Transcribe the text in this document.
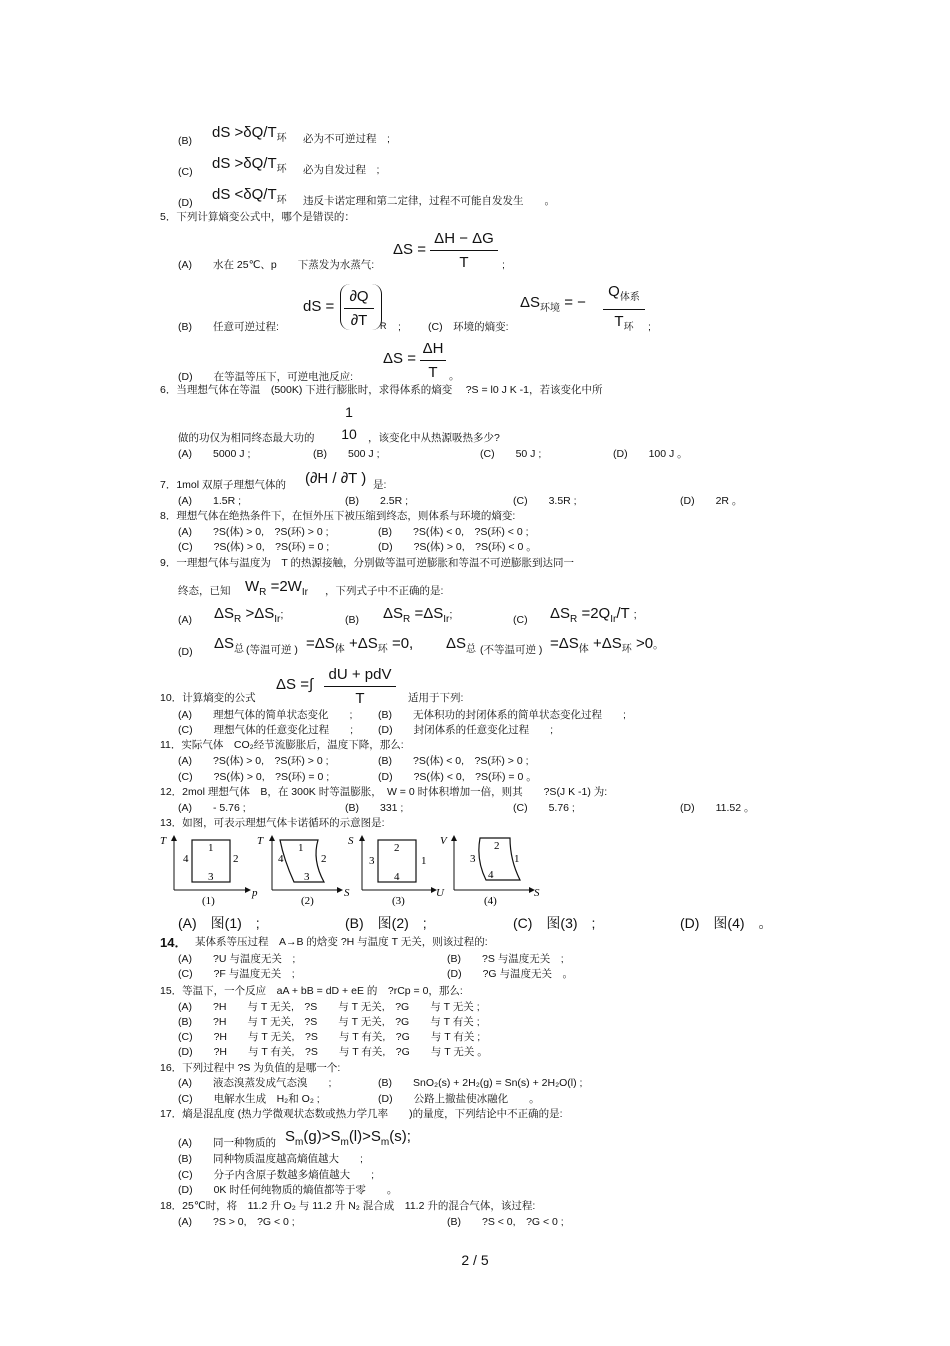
(B) dS $>\delta Q/T_环$ 必为不可逆过程　;
(C) dS $>\delta Q/T_环$ 必为自发过程　;
(D) dS $<\delta Q/T_环$ 违反卡诺定理和第二定律，过程不可能自发发生　　。
5．下列计算熵变公式中，哪个是错误的：
(A)　　水在 25℃、p　　下蒸发为水蒸气:
ΔS =
ΔH − ΔG
T	;
(B)　　任意可逆过程:
dS =
∂Q
∂T	R ;	(C)　环境的熵变:
$\Delta S_{环境}$ = −
$Q_{体系}$
$T_环$	;
(D)　　在等温等压下，可逆电池反应:
ΔS =
ΔH
T	。
6．当理想气体在等温　(500K) 下进行膨胀时，求得体系的熵变　 ?S = l0 J K -1，若该变化中所
1
10
做的功仅为相同终态最大功的	，该变化中从热源吸热多少?
(A)　　5000 J ;	(B)　　500 J ;	(C)　　50 J ;	(D)　　100 J 。
7．1mol 双原子理想气体的 (∂H / ∂T ) 是:
(A)　　1.5R ;	(B)　　2.5R ;	(C)　　3.5R ;	(D)　　2R 。
8．理想气体在绝热条件下，在恒外压下被压缩到终态，则体系与环境的熵变:
(A)　　?S(体) > 0,　?S(环) > 0 ;	(B)　　?S(体) < 0,　?S(环) < 0 ;
(C)　　?S(体) > 0,　?S(环) = 0 ;	(D)　　?S(体) > 0,　?S(环) < 0 。
9．一理想气体与温度为　T 的热源接触，分别做等温可逆膨胀和等温不可逆膨胀到达同一
终态，已知 $W_R =2W_{Ir}$ ，下列式子中不正确的是:
(A) $\Delta S_R >\Delta S_{Ir}$;	(B) $\Delta S_R =\Delta S_{Ir}$;	(C) $\Delta S_R =2Q_{Ir}/T$ ;
(D) $\Delta S_总$ (等温可逆 ) $=\Delta S_体 +\Delta S_环 =0$, $\Delta S_总$ (不等温可逆 ) $=\Delta S_体 +\Delta S_环 >0$。
10．计算熵变的公式
ΔS =∫
dU + pdV
T	适用于下列:
(A)　　理想气体的简单状态变化　　; (B)　　无体积功的封闭体系的简单状态变化过程　　;
(C)　　理想气体的任意变化过程　　; (D)　　封闭体系的任意变化过程　　;
11．实际气体　CO₂经节流膨胀后，温度下降，那么:
(A)　　?S(体) > 0,　?S(环) > 0 ;	(B)　　?S(体) < 0,　?S(环) > 0 ;
(C)　　?S(体) > 0,　?S(环) = 0 ;	(D)　　?S(体) < 0,　?S(环) = 0 。
12．2mol 理想气体　B，在 300K 时等温膨胀，　W = 0 时体积增加一倍，则其　　?S(J K -1) 为:
(A)　　- 5.76 ;	(B)　　331 ;	(C)　　5.76 ;	(D)　　11.52 。
13．如图，可表示理想气体卡诺循环的示意图是:
T
p
1
2
3
4
(1)
T
S
1
2
3
4
(2)
S
U
2
1
4
3
(3)
V
S
2
1
4
3
(4)
(A)　图(1)　;	(B)　图(2)　;	(C)　图(3)　;	(D)　图(4)　。
14． 某体系等压过程　A→B 的焓变 ?H 与温度 T 无关，则该过程的:
(A)　　?U 与温度无关　;	(B)　　?S 与温度无关　;
(C)　　?F 与温度无关　;	(D)　　?G 与温度无关　。
15．等温下，一个反应　aA + bB = dD + eE 的　?rCp = 0，那么:
(A)　　?H　　与 T 无关,　?S　　与 T 无关,　?G　　与 T 无关 ;
(B)　　?H　　与 T 无关,　?S　　与 T 无关,　?G　　与 T 有关 ;
(C)　　?H　　与 T 无关,　?S　　与 T 有关,　?G　　与 T 有关 ;
(D)　　?H　　与 T 有关,　?S　　与 T 有关,　?G　　与 T 无关 。
16．下列过程中 ?S 为负值的是哪一个:
(A)　　液态溴蒸发成气态溴　　;	(B)　　SnO₂(s) + 2H₂(g) = Sn(s) + 2H₂O(l) ;
(C)　　电解水生成　H₂和 O₂ ;	(D)　　公路上撤盐使冰融化　　。
17．熵是混乱度 (热力学微观状态数或热力学几率　　)的量度，下列结论中不正确的是:
(A)　　同一种物质的 $S_m(g)>S_m(l)>S_m(s)$;
(B)　　同种物质温度越高熵值越大　　;
(C)　　分子内含原子数越多熵值越大　　;
(D)　　0K 时任何纯物质的熵值都等于零　　。
18．25℃时，将　11.2 升 O₂ 与 11.2 升 N₂ 混合成　11.2 升的混合气体，该过程:
(A)　　?S > 0,　?G < 0 ;	(B)　　?S < 0,　?G < 0 ;
2 / 5
